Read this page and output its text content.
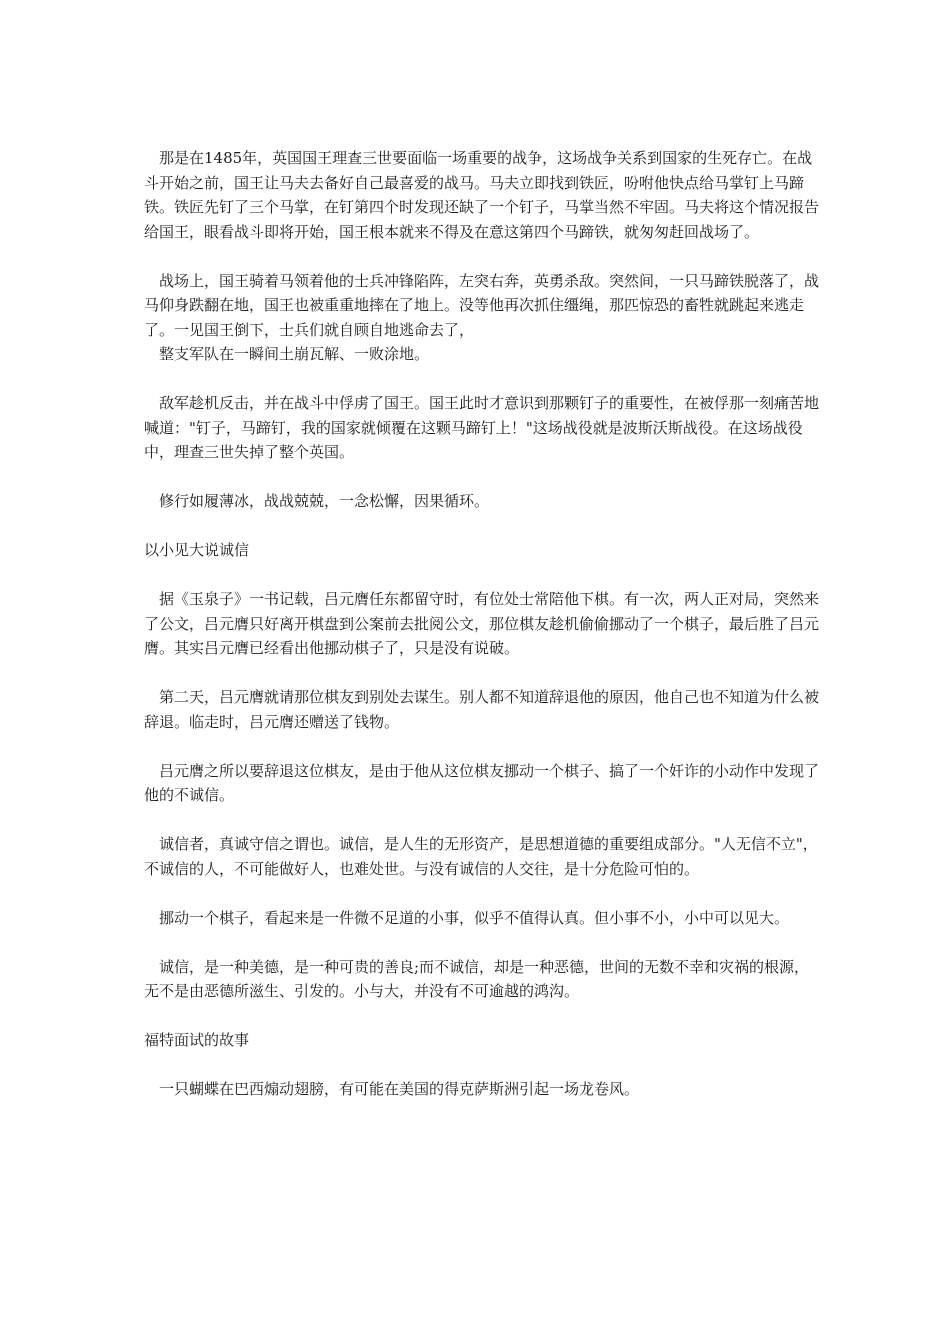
那是在1485年，英国国王理查三世要面临一场重要的战争，这场战争关系到国家的生死存亡。在战斗开始之前，国王让马夫去备好自己最喜爱的战马。马夫立即找到铁匠，吩咐他快点给马掌钉上马蹄铁。铁匠先钉了三个马掌，在钉第四个时发现还缺了一个钉子，马掌当然不牢固。马夫将这个情况报告给国王，眼看战斗即将开始，国王根本就来不得及在意这第四个马蹄铁，就匆匆赶回战场了。

战场上，国王骑着马领着他的士兵冲锋陷阵，左突右奔，英勇杀敌。突然间，一只马蹄铁脱落了，战马仰身跌翻在地，国王也被重重地摔在了地上。没等他再次抓住缰绳，那匹惊恐的畜牲就跳起来逃走了。一见国王倒下，士兵们就自顾自地逃命去了，

整支军队在一瞬间土崩瓦解、一败涂地。

敌军趁机反击，并在战斗中俘虏了国王。国王此时才意识到那颗钉子的重要性，在被俘那一刻痛苦地喊道："钉子，马蹄钉，我的国家就倾覆在这颗马蹄钉上！"这场战役就是波斯沃斯战役。在这场战役中，理查三世失掉了整个英国。

修行如履薄冰，战战兢兢，一念松懈，因果循环。

以小见大说诚信

据《玉泉子》一书记载，吕元膺任东都留守时，有位处士常陪他下棋。有一次，两人正对局，突然来了公文，吕元膺只好离开棋盘到公案前去批阅公文，那位棋友趁机偷偷挪动了一个棋子，最后胜了吕元膺。其实吕元膺已经看出他挪动棋子了，只是没有说破。

第二天，吕元膺就请那位棋友到别处去谋生。别人都不知道辞退他的原因，他自己也不知道为什么被辞退。临走时，吕元膺还赠送了钱物。

吕元膺之所以要辞退这位棋友，是由于他从这位棋友挪动一个棋子、搞了一个奸诈的小动作中发现了他的不诚信。

诚信者，真诚守信之谓也。诚信，是人生的无形资产，是思想道德的重要组成部分。"人无信不立"，不诚信的人，不可能做好人，也难处世。与没有诚信的人交往，是十分危险可怕的。

挪动一个棋子，看起来是一件微不足道的小事，似乎不值得认真。但小事不小，小中可以见大。

诚信，是一种美德，是一种可贵的善良;而不诚信，却是一种恶德，世间的无数不幸和灾祸的根源，无不是由恶德所滋生、引发的。小与大，并没有不可逾越的鸿沟。

福特面试的故事

一只蝴蝶在巴西煽动翅膀，有可能在美国的得克萨斯洲引起一场龙卷风。
